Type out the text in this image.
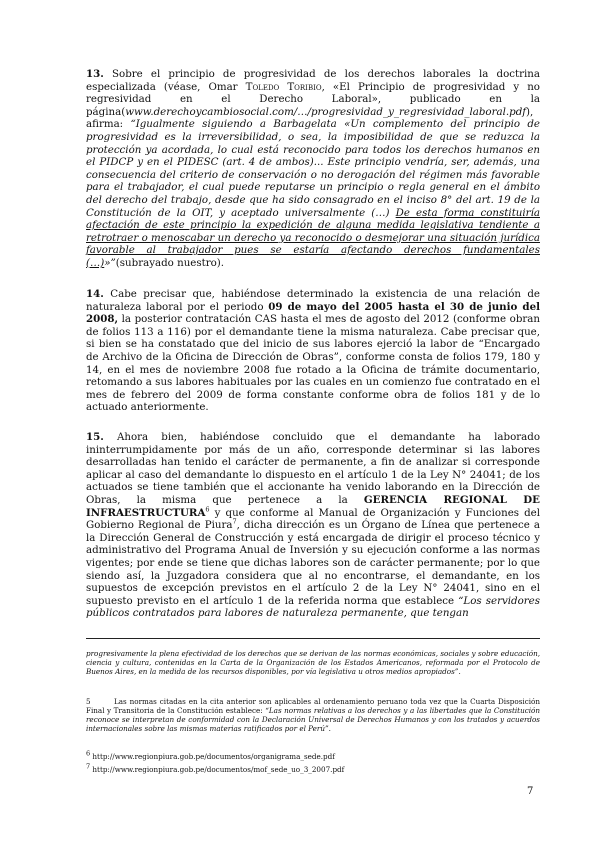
13. Sobre el principio de progresividad de los derechos laborales la doctrina especializada (véase, Omar Toledo Toribio, «El Principio de progresividad y no regresividad en el Derecho Laboral», publicado en la página(www.derechoycambiosocial.com/…/progresividad_y_regresividad_laboral.pdf), afirma: “Igualmente siguiendo a Barbagelata «Un complemento del principio de progresividad es la irreversibilidad, o sea, la imposibilidad de que se reduzca la protección ya acordada, lo cual está reconocido para todos los derechos humanos en el PIDCP y en el PIDESC (art. 4 de ambos)... Este principio vendría, ser, además, una consecuencia del criterio de conservación o no derogación del régimen más favorable para el trabajador, el cual puede reputarse un principio o regla general en el ámbito del derecho del trabajo, desde que ha sido consagrado en el inciso 8° del art. 19 de la Constitución de la OIT, y aceptado universalmente (…) De esta forma constituiría afectación de este principio la expedición de alguna medida legislativa tendiente a retrotraer o menoscabar un derecho ya reconocido o desmejorar una situación jurídica favorable al trabajador pues se estaría afectando derechos fundamentales (…)»”(subrayado nuestro).

14. Cabe precisar que, habiéndose determinado la existencia de una relación de naturaleza laboral por el periodo 09 de mayo del 2005 hasta el 30 de junio del 2008, la posterior contratación CAS hasta el mes de agosto del 2012 (conforme obran de folios 113 a 116) por el demandante tiene la misma naturaleza. Cabe precisar que, si bien se ha constatado que del inicio de sus labores ejerció la labor de “Encargado de Archivo de la Oficina de Dirección de Obras”, conforme consta de folios 179, 180 y 14, en el mes de noviembre 2008 fue rotado a la Oficina de trámite documentario, retomando a sus labores habituales por las cuales en un comienzo fue contratado en el mes de febrero del 2009 de forma constante conforme obra de folios 181 y de lo actuado anteriormente.

15. Ahora bien, habiéndose concluido que el demandante ha laborado ininterrumpidamente por más de un año, corresponde determinar si las labores desarrolladas han tenido el carácter de permanente, a fin de analizar si corresponde aplicar al caso del demandante lo dispuesto en el artículo 1 de la Ley N° 24041; de los actuados se tiene también que el accionante ha venido laborando en la Dirección de Obras, la misma que pertenece a la GERENCIA REGIONAL DE INFRAESTRUCTURA$^6$ y que conforme al Manual de Organización y Funciones del Gobierno Regional de Piura$^7$, dicha dirección es un Órgano de Línea que pertenece a la Dirección General de Construcción y está encargada de dirigir el proceso técnico y administrativo del Programa Anual de Inversión y su ejecución conforme a las normas vigentes; por ende se tiene que dichas labores son de carácter permanente; por lo que siendo así, la Juzgadora considera que al no encontrarse, el demandante, en los supuestos de excepción previstos en el artículo 2 de la Ley N° 24041, sino en el supuesto previsto en el artículo 1 de la referida norma que establece “Los servidores públicos contratados para labores de naturaleza permanente, que tengan

progresivamente la plena efectividad de los derechos que se derivan de las normas económicas, sociales y sobre educación, ciencia y cultura, contenidas en la Carta de la Organización de los Estados Americanos, reformada por el Protocolo de Buenos Aires, en la medida de los recursos disponibles, por vía legislativa u otros medios apropiados”.

5	Las normas citadas en la cita anterior son aplicables al ordenamiento peruano toda vez que la Cuarta Disposición Final y Transitoria de la Constitución establece: “Las normas relativas a los derechos y a las libertades que la Constitución reconoce se interpretan de conformidad con la Declaración Universal de Derechos Humanos y con los tratados y acuerdos internacionales sobre las mismas materias ratificados por el Perú”.

$^6$ http://www.regionpiura.gob.pe/documentos/organigrama_sede.pdf

$^7$ http://www.regionpiura.gob.pe/documentos/mof_sede_uo_3_2007.pdf

7
